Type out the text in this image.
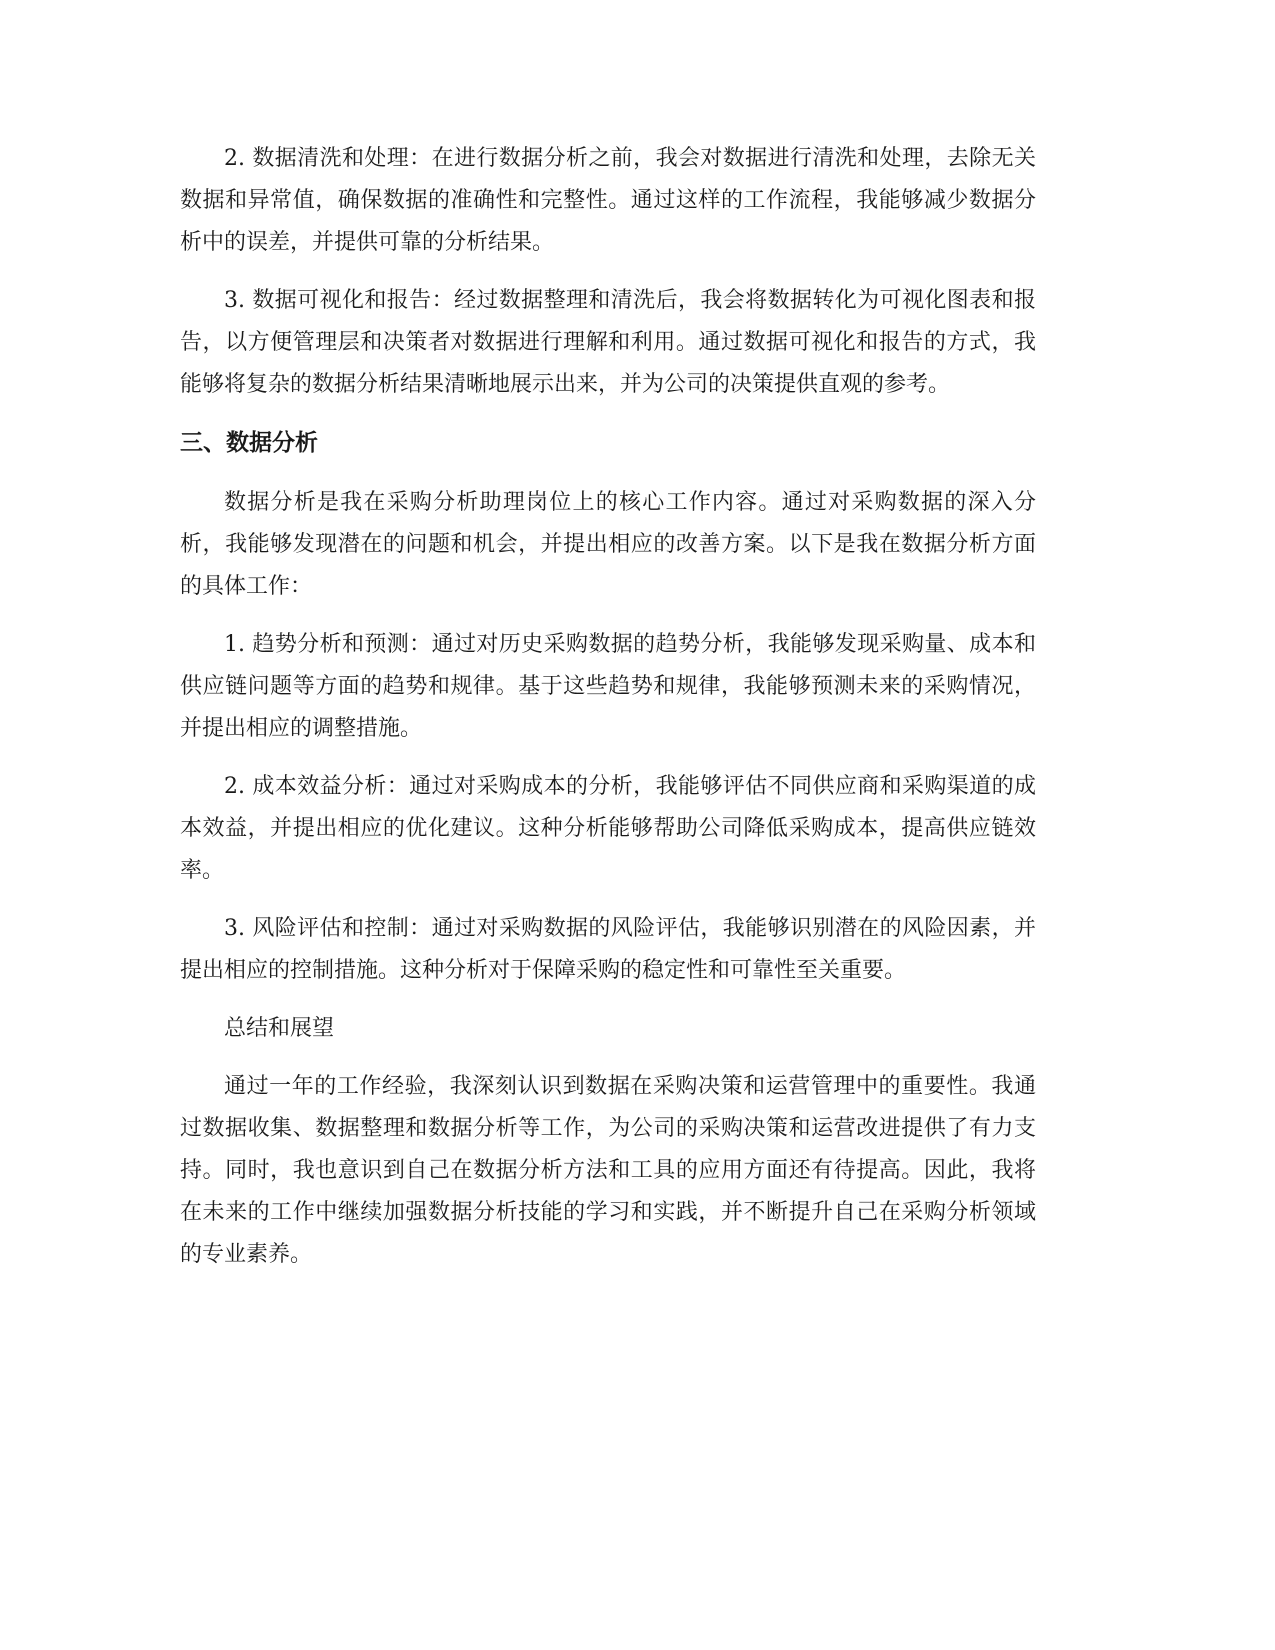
2. 数据清洗和处理：在进行数据分析之前，我会对数据进行清洗和处理，去除无关数据和异常值，确保数据的准确性和完整性。通过这样的工作流程，我能够减少数据分析中的误差，并提供可靠的分析结果。

3. 数据可视化和报告：经过数据整理和清洗后，我会将数据转化为可视化图表和报告，以方便管理层和决策者对数据进行理解和利用。通过数据可视化和报告的方式，我能够将复杂的数据分析结果清晰地展示出来，并为公司的决策提供直观的参考。

三、数据分析

数据分析是我在采购分析助理岗位上的核心工作内容。通过对采购数据的深入分析，我能够发现潜在的问题和机会，并提出相应的改善方案。以下是我在数据分析方面的具体工作：

1. 趋势分析和预测：通过对历史采购数据的趋势分析，我能够发现采购量、成本和供应链问题等方面的趋势和规律。基于这些趋势和规律，我能够预测未来的采购情况，并提出相应的调整措施。

2. 成本效益分析：通过对采购成本的分析，我能够评估不同供应商和采购渠道的成本效益，并提出相应的优化建议。这种分析能够帮助公司降低采购成本，提高供应链效率。

3. 风险评估和控制：通过对采购数据的风险评估，我能够识别潜在的风险因素，并提出相应的控制措施。这种分析对于保障采购的稳定性和可靠性至关重要。

总结和展望

通过一年的工作经验，我深刻认识到数据在采购决策和运营管理中的重要性。我通过数据收集、数据整理和数据分析等工作，为公司的采购决策和运营改进提供了有力支持。同时，我也意识到自己在数据分析方法和工具的应用方面还有待提高。因此，我将在未来的工作中继续加强数据分析技能的学习和实践，并不断提升自己在采购分析领域的专业素养。
